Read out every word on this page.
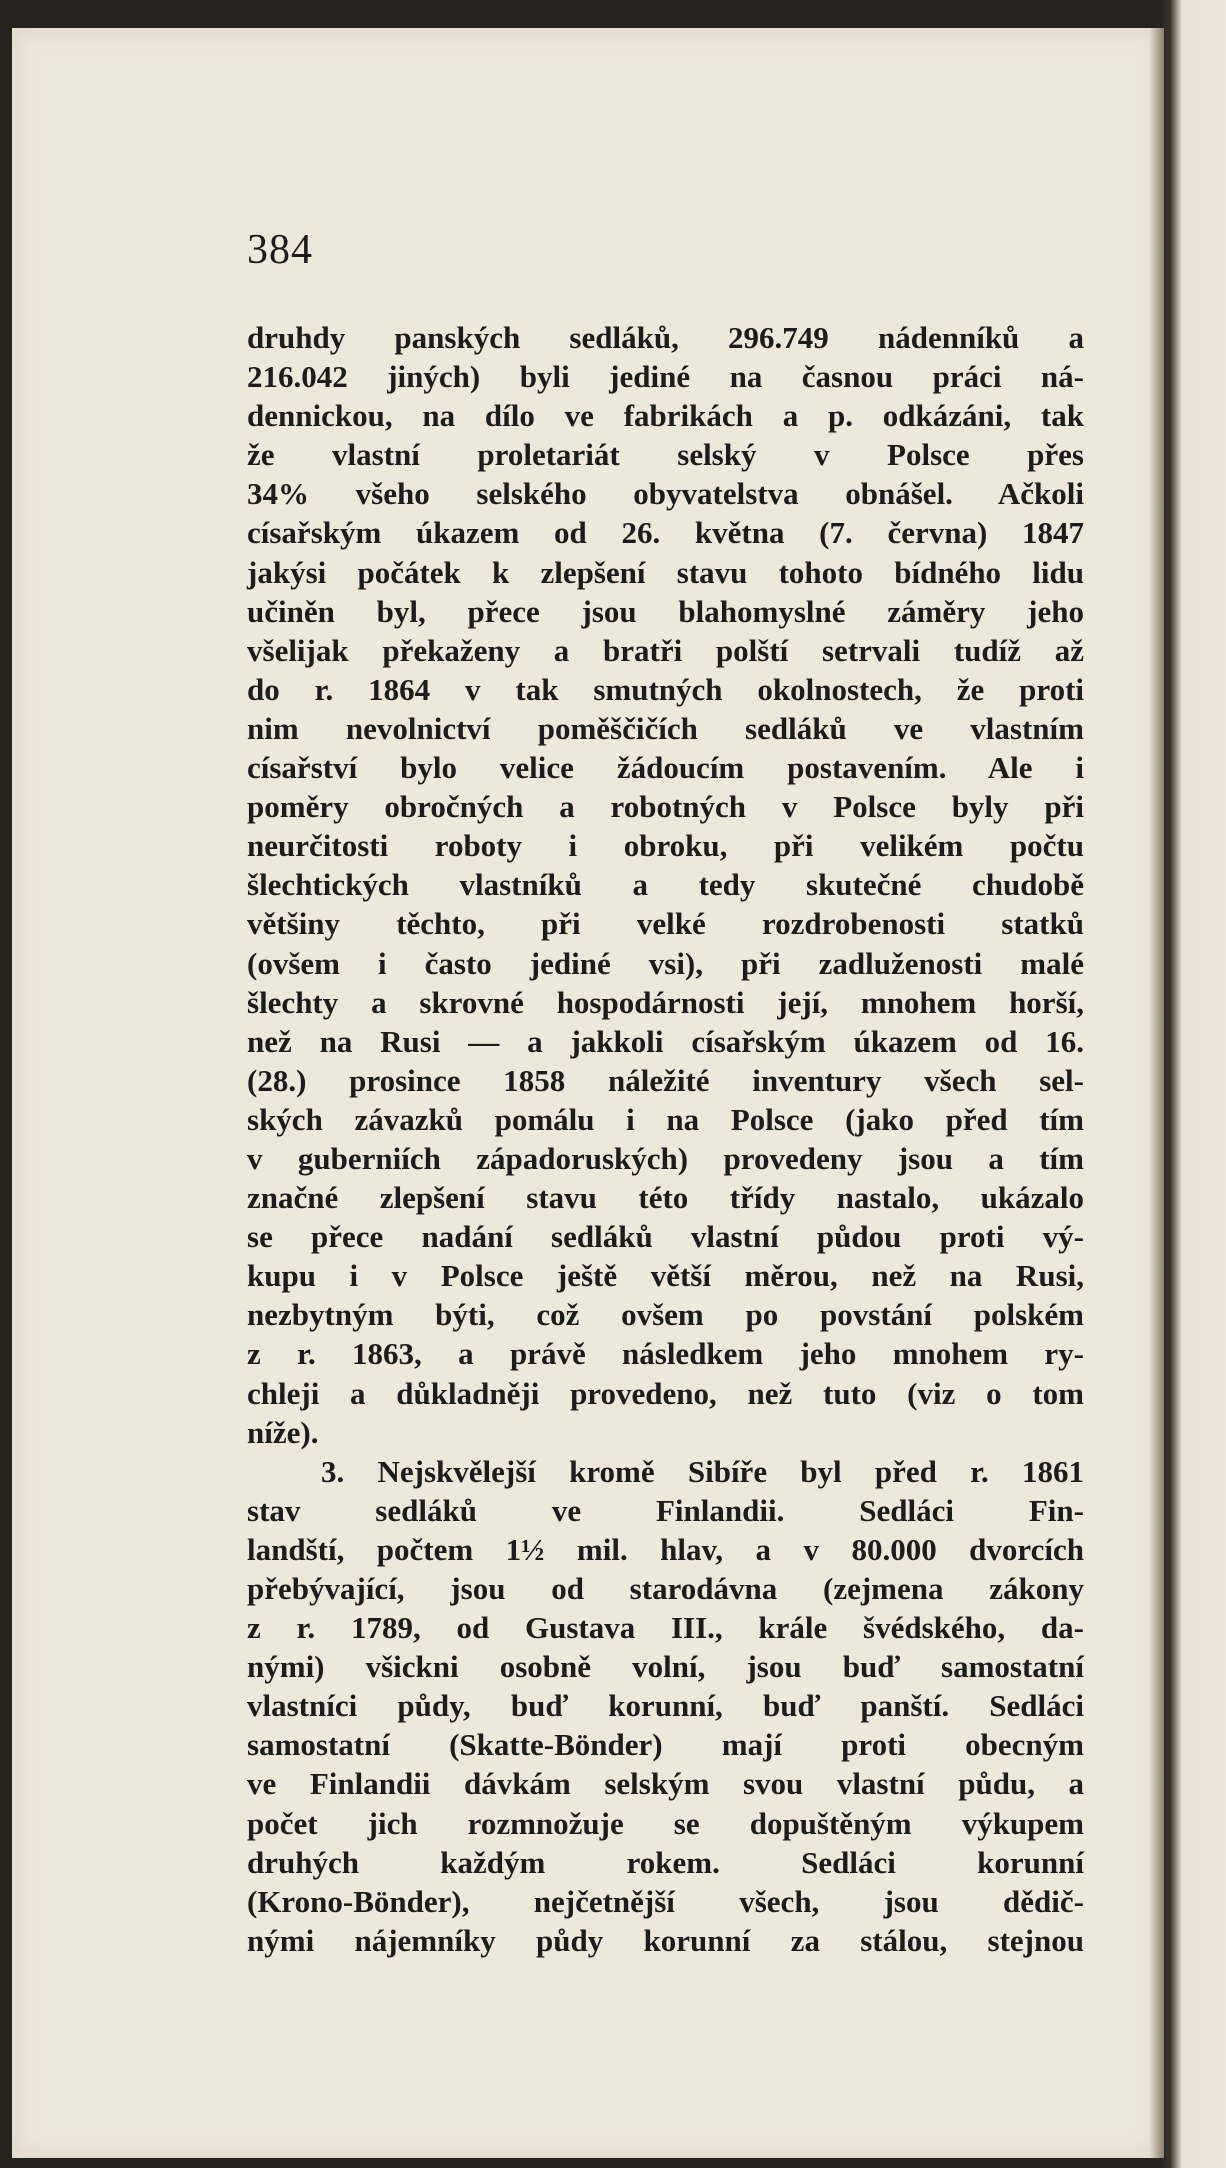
384

druhdy panských sedláků, 296.749 nádenníků a
216.042 jiných) byli jediné na časnou práci ná-
dennickou, na dílo ve fabrikách a p. odkázáni, tak
že vlastní proletariát selský v Polsce přes
34% všeho selského obyvatelstva obnášel. Ačkoli
císařským úkazem od 26. května (7. června) 1847
jakýsi počátek k zlepšení stavu tohoto bídného lidu
učiněn byl, přece jsou blahomyslné záměry jeho
všelijak překaženy a bratři polští setrvali tudíž až
do r. 1864 v tak smutných okolnostech, že proti
nim nevolnictví poměščičích sedláků ve vlastním
císařství bylo velice žádoucím postavením. Ale i
poměry obročných a robotných v Polsce byly při
neurčitosti roboty i obroku, při velikém počtu
šlechtických vlastníků a tedy skutečné chudobě
většiny těchto, při velké rozdrobenosti statků
(ovšem i často jediné vsi), při zadluženosti malé
šlechty a skrovné hospodárnosti její, mnohem horší,
než na Rusi — a jakkoli císařským úkazem od 16.
(28.) prosince 1858 náležité inventury všech sel-
ských závazků pomálu i na Polsce (jako před tím
v guberniích západoruských) provedeny jsou a tím
značné zlepšení stavu této třídy nastalo, ukázalo
se přece nadání sedláků vlastní půdou proti vý-
kupu i v Polsce ještě větší měrou, než na Rusi,
nezbytným býti, což ovšem po povstání polském
z r. 1863, a právě následkem jeho mnohem ry-
chleji a důkladněji provedeno, než tuto (viz o tom
níže).
3. Nejskvělejší kromě Sibíře byl před r. 1861
stav sedláků ve Finlandii. Sedláci Fin-
landští, počtem 1½ mil. hlav, a v 80.000 dvorcích
přebývající, jsou od starodávna (zejmena zákony
z r. 1789, od Gustava III., krále švédského, da-
nými) všickni osobně volní, jsou buď samostatní
vlastníci půdy, buď korunní, buď panští. Sedláci
samostatní (Skatte-Bönder) mají proti obecným
ve Finlandii dávkám selským svou vlastní půdu, a
počet jich rozmnožuje se dopuštěným výkupem
druhých každým rokem. Sedláci korunní
(Krono-Bönder), nejčetnější všech, jsou dědič-
nými nájemníky půdy korunní za stálou, stejnou
